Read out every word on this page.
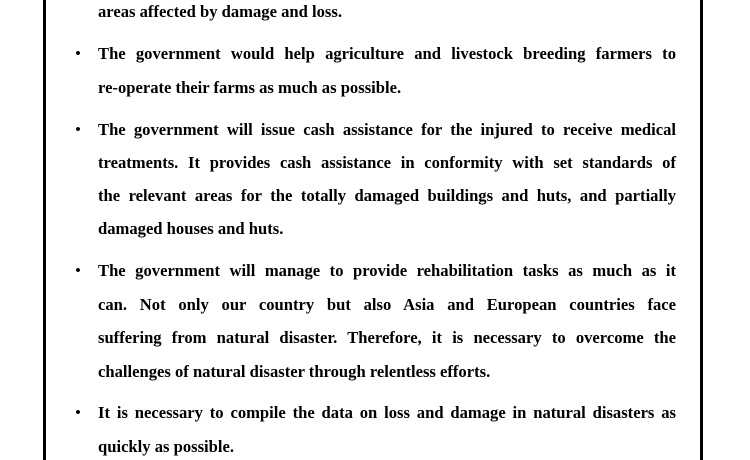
areas affected by damage and loss.
• The government would help agriculture and livestock breeding farmers to
re-operate their farms as much as possible.
• The government will issue cash assistance for the injured to receive medical
treatments. It provides cash assistance in conformity with set standards of
the relevant areas for the totally damaged buildings and huts, and partially
damaged houses and huts.
• The government will manage to provide rehabilitation tasks as much as it
can. Not only our country but also Asia and European countries face
suffering from natural disaster. Therefore, it is necessary to overcome the
challenges of natural disaster through relentless efforts.
• It is necessary to compile the data on loss and damage in natural disasters as
quickly as possible.
